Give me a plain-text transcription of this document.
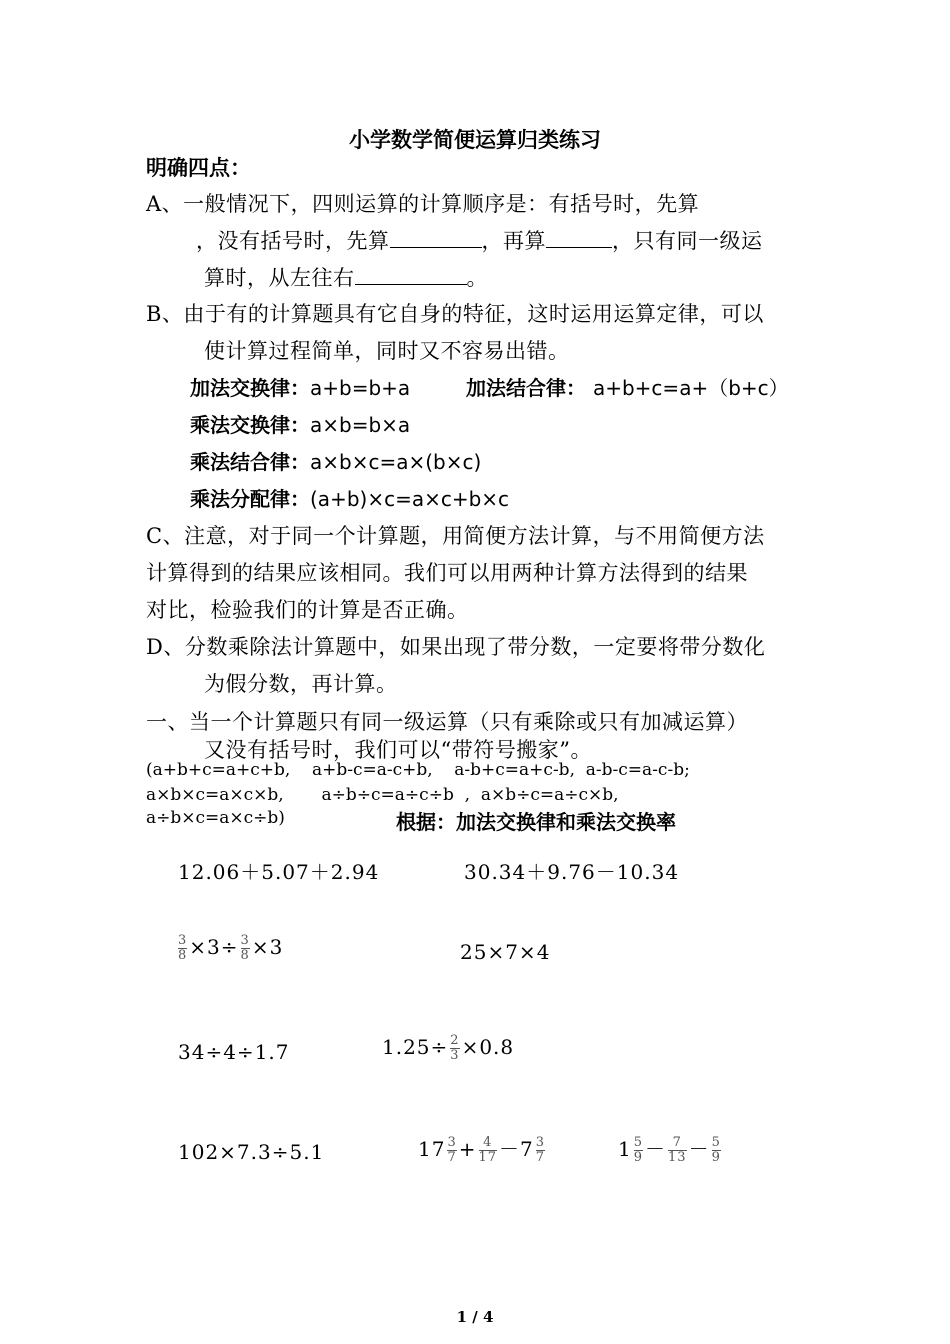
小学数学简便运算归类练习
明确四点：
A、一般情况下，四则运算的计算顺序是：有括号时，先算
，没有括号时，先算	，再算	，只有同一级运
算时，从左往右	。
B、由于有的计算题具有它自身的特征，这时运用运算定律，可以
使计算过程简单，同时又不容易出错。
加法交换律：a+b=b+a	加法结合律： a+b+c=a+（b+c）
乘法交换律：a×b=b×a
乘法结合律：a×b×c=a×(b×c)
乘法分配律：(a+b)×c=a×c+b×c
C、注意，对于同一个计算题，用简便方法计算，与不用简便方法
计算得到的结果应该相同。我们可以用两种计算方法得到的结果
对比，检验我们的计算是否正确。
D、分数乘除法计算题中，如果出现了带分数，一定要将带分数化
为假分数，再计算。
一、当一个计算题只有同一级运算（只有乘除或只有加减运算）
又没有括号时，我们可以“带符号搬家”。
(a+b+c=a+c+b,    a+b-c=a-c+b,    a-b+c=a+c-b,  a-b-c=a-c-b;
a×b×c=a×c×b,       a÷b÷c=a÷c÷b  ,  a×b÷c=a÷c×b,
a÷b×c=a×c÷b)	根据：加法交换律和乘法交换率
12.06＋5.07＋2.94	30.34＋9.76－10.34
$\frac{3}{8} \times 3\div \frac{3}{8} \times 3$	25×7×4
34÷4÷1.7	$1.25\div \frac{2}{3} \times 0.8$
102×7.3÷5.1	$17 \frac{3}{7} + \frac{4}{17} -7 \frac{3}{7}$	$1 \frac{5}{9} - \frac{7}{13} - \frac{5}{9}$
1 / 4
